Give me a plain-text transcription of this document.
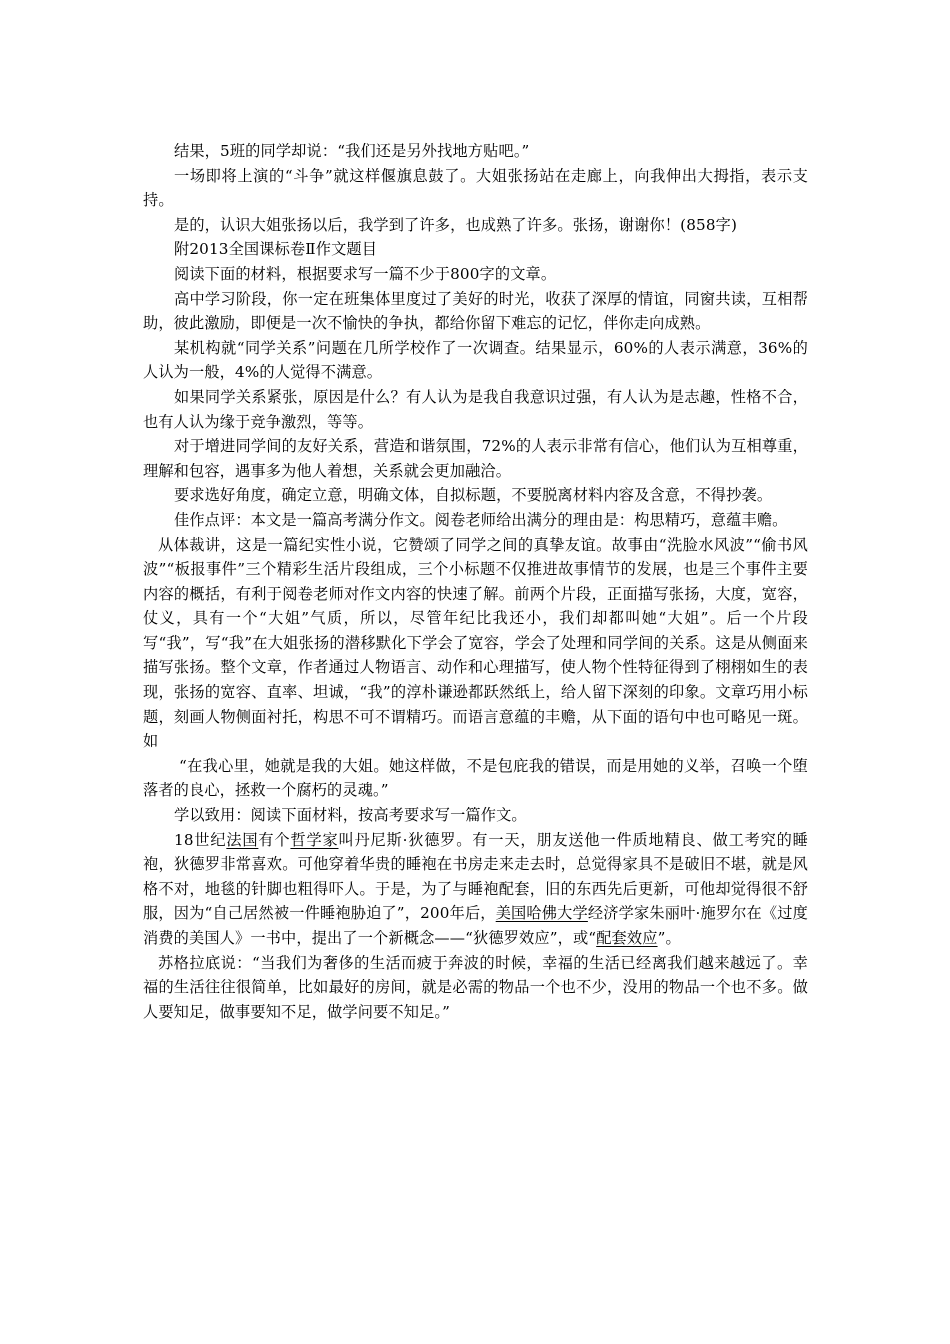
结果，5班的同学却说：“我们还是另外找地方贴吧。”

一场即将上演的“斗争”就这样偃旗息鼓了。大姐张扬站在走廊上，向我伸出大拇指，表示支持。

是的，认识大姐张扬以后，我学到了许多，也成熟了许多。张扬，谢谢你！(858字)

附2013全国课标卷Ⅱ作文题目

阅读下面的材料，根据要求写一篇不少于800字的文章。

高中学习阶段，你一定在班集体里度过了美好的时光，收获了深厚的情谊，同窗共读，互相帮助，彼此激励，即便是一次不愉快的争执，都给你留下难忘的记忆，伴你走向成熟。

某机构就“同学关系”问题在几所学校作了一次调查。结果显示，60%的人表示满意，36%的人认为一般，4%的人觉得不满意。

如果同学关系紧张，原因是什么？有人认为是我自我意识过强，有人认为是志趣，性格不合，也有人认为缘于竞争激烈，等等。

对于增进同学间的友好关系，营造和谐氛围，72%的人表示非常有信心，他们认为互相尊重，理解和包容，遇事多为他人着想，关系就会更加融洽。

要求选好角度，确定立意，明确文体，自拟标题，不要脱离材料内容及含意，不得抄袭。

佳作点评：本文是一篇高考满分作文。阅卷老师给出满分的理由是：构思精巧，意蕴丰赡。

从体裁讲，这是一篇纪实性小说，它赞颂了同学之间的真挚友谊。故事由“洗脸水风波”“偷书风波”“板报事件”三个精彩生活片段组成，三个小标题不仅推进故事情节的发展，也是三个事件主要内容的概括，有利于阅卷老师对作文内容的快速了解。前两个片段，正面描写张扬，大度，宽容，仗义，具有一个“大姐”气质，所以，尽管年纪比我还小，我们却都叫她“大姐”。后一个片段写“我”，写“我”在大姐张扬的潜移默化下学会了宽容，学会了处理和同学间的关系。这是从侧面来描写张扬。整个文章，作者通过人物语言、动作和心理描写，使人物个性特征得到了栩栩如生的表现，张扬的宽容、直率、坦诚，“我”的淳朴谦逊都跃然纸上，给人留下深刻的印象。文章巧用小标题，刻画人物侧面衬托，构思不可不谓精巧。而语言意蕴的丰赡，从下面的语句中也可略见一斑。如

“在我心里，她就是我的大姐。她这样做，不是包庇我的错误，而是用她的义举，召唤一个堕落者的良心，拯救一个腐朽的灵魂。”

学以致用：阅读下面材料，按高考要求写一篇作文。

18世纪法国有个哲学家叫丹尼斯·狄德罗。有一天，朋友送他一件质地精良、做工考究的睡袍，狄德罗非常喜欢。可他穿着华贵的睡袍在书房走来走去时，总觉得家具不是破旧不堪，就是风格不对，地毯的针脚也粗得吓人。于是，为了与睡袍配套，旧的东西先后更新，可他却觉得很不舒服，因为“自己居然被一件睡袍胁迫了”，200年后，美国哈佛大学经济学家朱丽叶·施罗尔在《过度消费的美国人》一书中，提出了一个新概念——“狄德罗效应”，或“配套效应”。

苏格拉底说：“当我们为奢侈的生活而疲于奔波的时候，幸福的生活已经离我们越来越远了。幸福的生活往往很简单，比如最好的房间，就是必需的物品一个也不少，没用的物品一个也不多。做人要知足，做事要知不足，做学问要不知足。”
